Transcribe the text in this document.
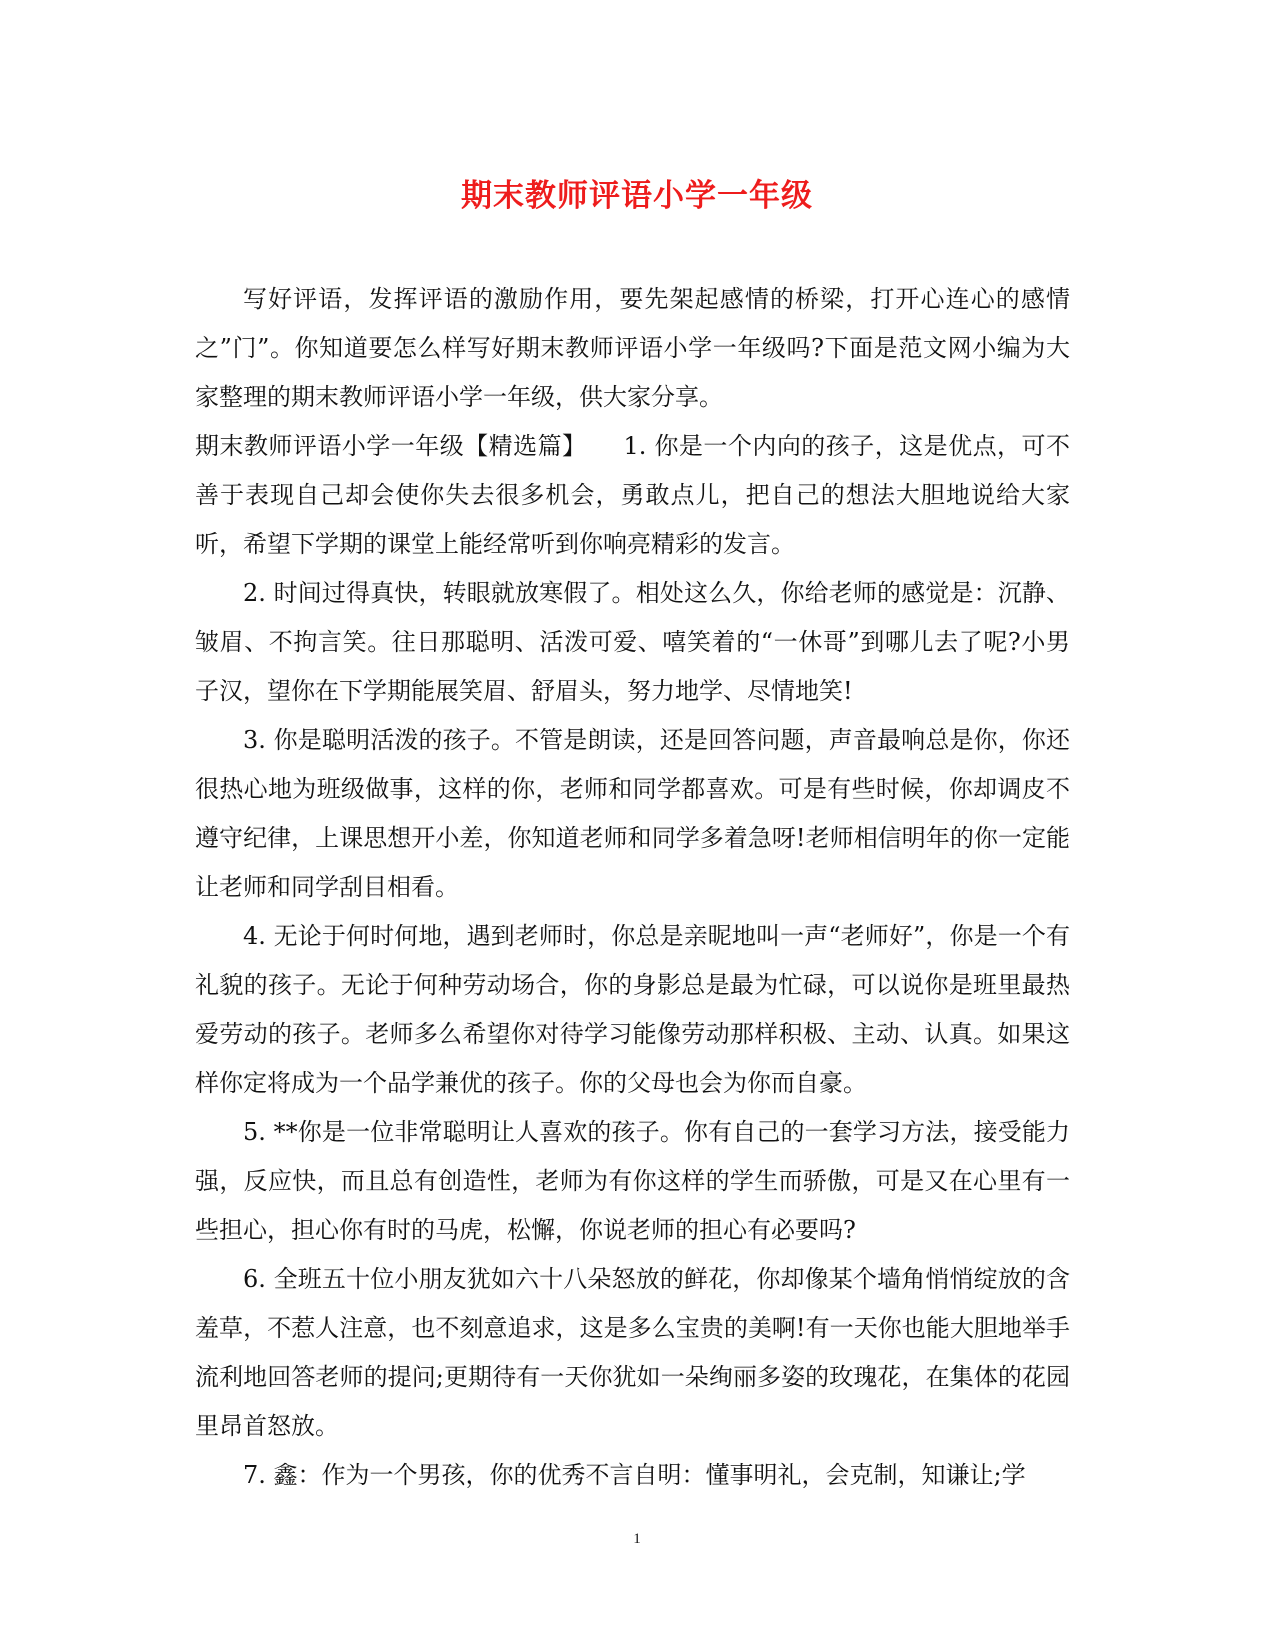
期末教师评语小学一年级

写好评语，发挥评语的激励作用，要先架起感情的桥梁，打开心连心的感情之”门”。你知道要怎么样写好期末教师评语小学一年级吗?下面是范文网小编为大家整理的期末教师评语小学一年级，供大家分享。

期末教师评语小学一年级【精选篇】　　1. 你是一个内向的孩子，这是优点，可不善于表现自己却会使你失去很多机会，勇敢点儿，把自己的想法大胆地说给大家听，希望下学期的课堂上能经常听到你响亮精彩的发言。

2. 时间过得真快，转眼就放寒假了。相处这么久，你给老师的感觉是：沉静、皱眉、不拘言笑。往日那聪明、活泼可爱、嘻笑着的“一休哥”到哪儿去了呢?小男子汉，望你在下学期能展笑眉、舒眉头，努力地学、尽情地笑!

3. 你是聪明活泼的孩子。不管是朗读，还是回答问题，声音最响总是你，你还很热心地为班级做事，这样的你，老师和同学都喜欢。可是有些时候，你却调皮不遵守纪律，上课思想开小差，你知道老师和同学多着急呀!老师相信明年的你一定能让老师和同学刮目相看。

4. 无论于何时何地，遇到老师时，你总是亲昵地叫一声“老师好”，你是一个有礼貌的孩子。无论于何种劳动场合，你的身影总是最为忙碌，可以说你是班里最热爱劳动的孩子。老师多么希望你对待学习能像劳动那样积极、主动、认真。如果这样你定将成为一个品学兼优的孩子。你的父母也会为你而自豪。

5. **你是一位非常聪明让人喜欢的孩子。你有自己的一套学习方法，接受能力强，反应快，而且总有创造性，老师为有你这样的学生而骄傲，可是又在心里有一些担心，担心你有时的马虎，松懈，你说老师的担心有必要吗?

6. 全班五十位小朋友犹如六十八朵怒放的鲜花，你却像某个墙角悄悄绽放的含羞草，不惹人注意，也不刻意追求，这是多么宝贵的美啊!有一天你也能大胆地举手流利地回答老师的提问;更期待有一天你犹如一朵绚丽多姿的玫瑰花，在集体的花园里昂首怒放。

7. 鑫：作为一个男孩，你的优秀不言自明：懂事明礼，会克制，知谦让;学

1
